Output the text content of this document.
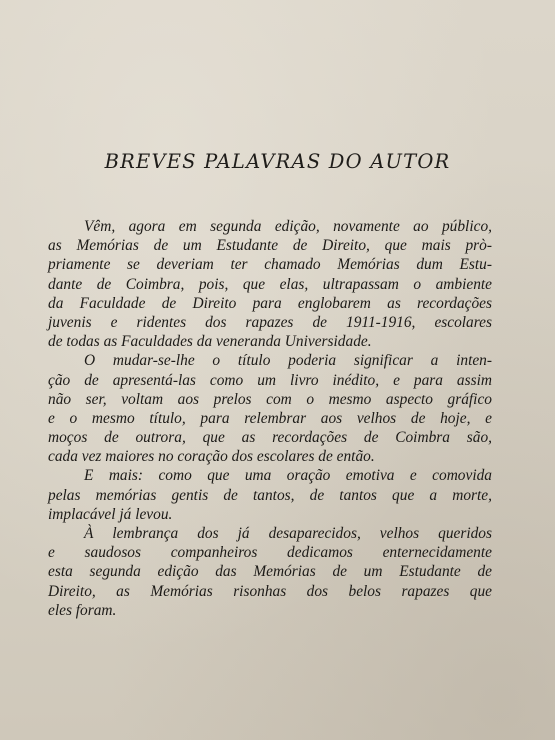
BREVES PALAVRAS DO AUTOR
Vêm, agora em segunda edição, novamente ao público,
as Memórias de um Estudante de Direito, que mais prò-
priamente se deveriam ter chamado Memórias dum Estu-
dante de Coimbra, pois, que elas, ultrapassam o ambiente
da Faculdade de Direito para englobarem as recordações
juvenis e ridentes dos rapazes de 1911-1916, escolares
de todas as Faculdades da veneranda Universidade.
O mudar-se-lhe o título poderia significar a inten-
ção de apresentá-las como um livro inédito, e para assim
não ser, voltam aos prelos com o mesmo aspecto gráfico
e o mesmo título, para relembrar aos velhos de hoje, e
moços de outrora, que as recordações de Coimbra são,
cada vez maiores no coração dos escolares de então.
E mais: como que uma oração emotiva e comovida
pelas memórias gentis de tantos, de tantos que a morte,
implacável já levou.
À lembrança dos já desaparecidos, velhos queridos
e saudosos companheiros dedicamos enternecidamente
esta segunda edição das Memórias de um Estudante de
Direito, as Memórias risonhas dos belos rapazes que
eles foram.
